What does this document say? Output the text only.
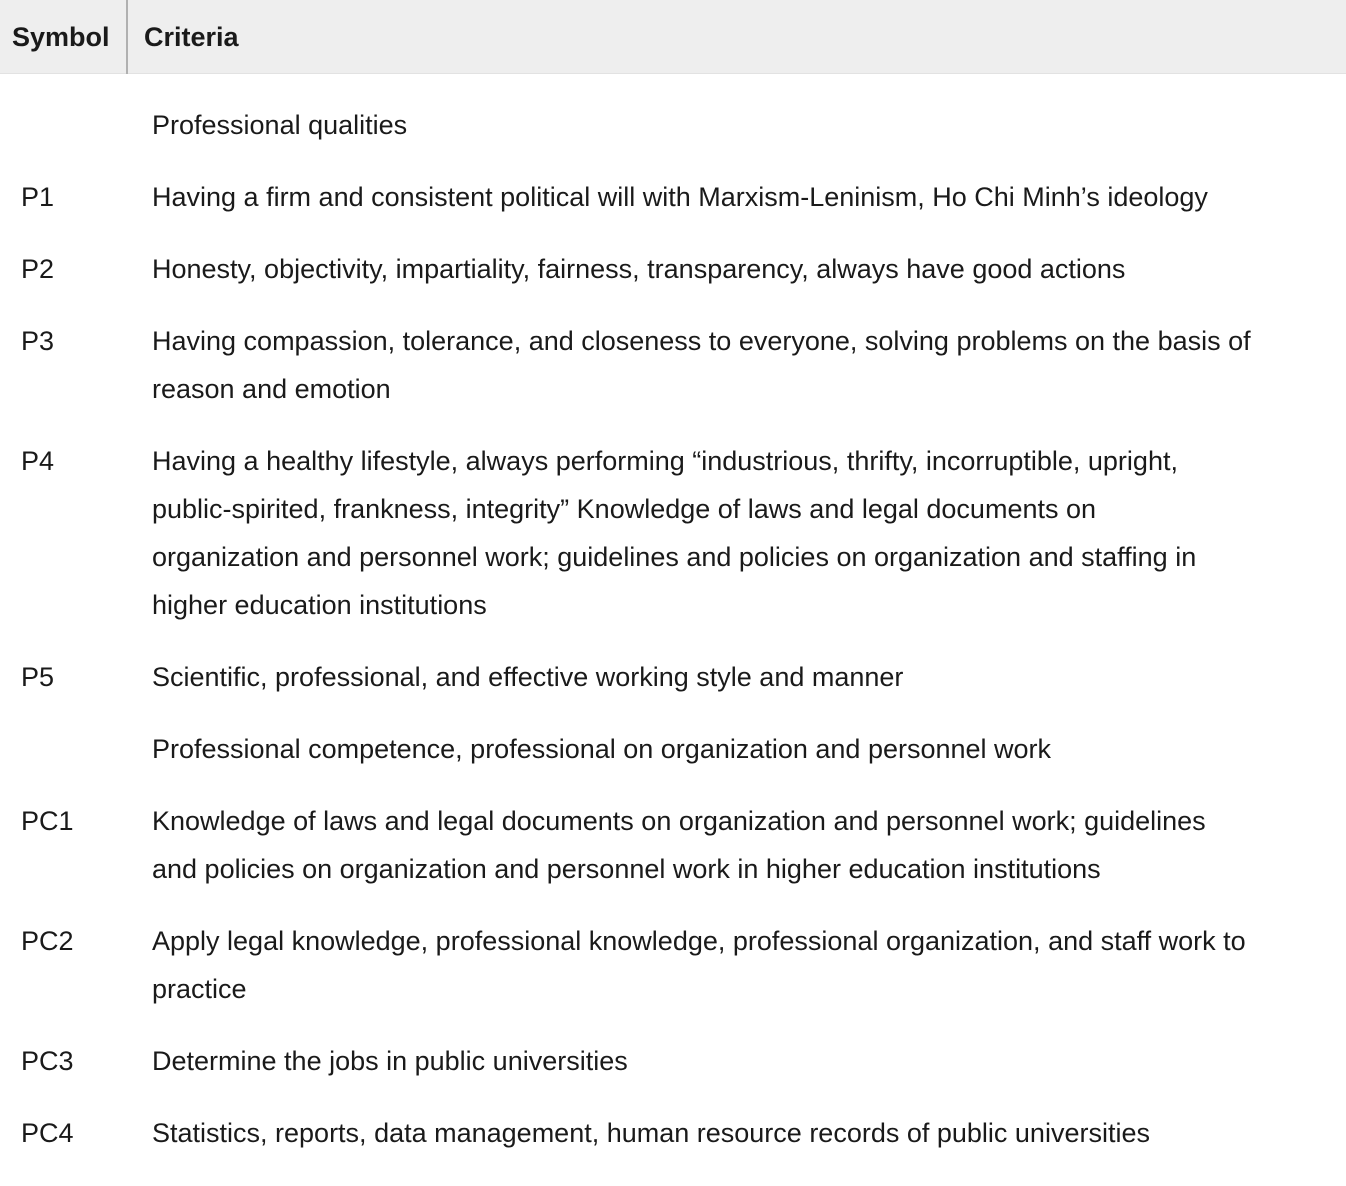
Symbol	Criteria
Professional qualities
P1	Having a firm and consistent political will with Marxism-Leninism, Ho Chi Minh’s ideology
P2	Honesty, objectivity, impartiality, fairness, transparency, always have good actions
P3	Having compassion, tolerance, and closeness to everyone, solving problems on the basis of
reason and emotion
P4	Having a healthy lifestyle, always performing “industrious, thrifty, incorruptible, upright,
public-spirited, frankness, integrity” Knowledge of laws and legal documents on
organization and personnel work; guidelines and policies on organization and staffing in
higher education institutions
P5	Scientific, professional, and effective working style and manner
Professional competence, professional on organization and personnel work
PC1	Knowledge of laws and legal documents on organization and personnel work; guidelines
and policies on organization and personnel work in higher education institutions
PC2	Apply legal knowledge, professional knowledge, professional organization, and staff work to
practice
PC3	Determine the jobs in public universities
PC4	Statistics, reports, data management, human resource records of public universities
